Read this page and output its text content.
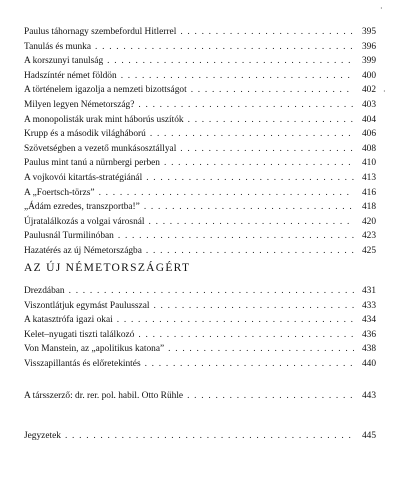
·
·
Paulus táhornagy szembefordul Hitlerrel . . .	395
Tanulás és munka . . .	396
A korszunyi tanulság . . .	399
Hadszíntér német földön . . .	400
A történelem igazolja a nemzeti bizottságot . . .	402
Milyen legyen Németország? . . .	403
A monopolisták urak mint háborús uszítók . . .	404
Krupp és a második világháború . . .	406
Szövetségben a vezető munkásosztállyal . . .	408
Paulus mint tanú a nürnbergi perben . . .	410
A vojkovói kitartás-stratégiánál . . .	413
A „Foertsch-törzs” . . .	416
„Ádám ezredes, transzportba!” . . .	418
Újratalálkozás a volgai városnál . . .	420
Paulusnál Turmilinóban . . .	423
Hazatérés az új Németországba . . .	425
AZ ÚJ NÉMETORSZÁGÉRT
Drezdában . . .	431
Viszontlátjuk egymást Paulusszal . . .	433
A katasztrófa igazi okai . . .	434
Kelet–nyugati tiszti találkozó . . .	436
Von Manstein, az „apolitikus katona” . . .	438
Visszapillantás és előretekintés . . .	440
A társszerző: dr. rer. pol. habil. Otto Rühle . . .	443
Jegyzetek . . .	445
